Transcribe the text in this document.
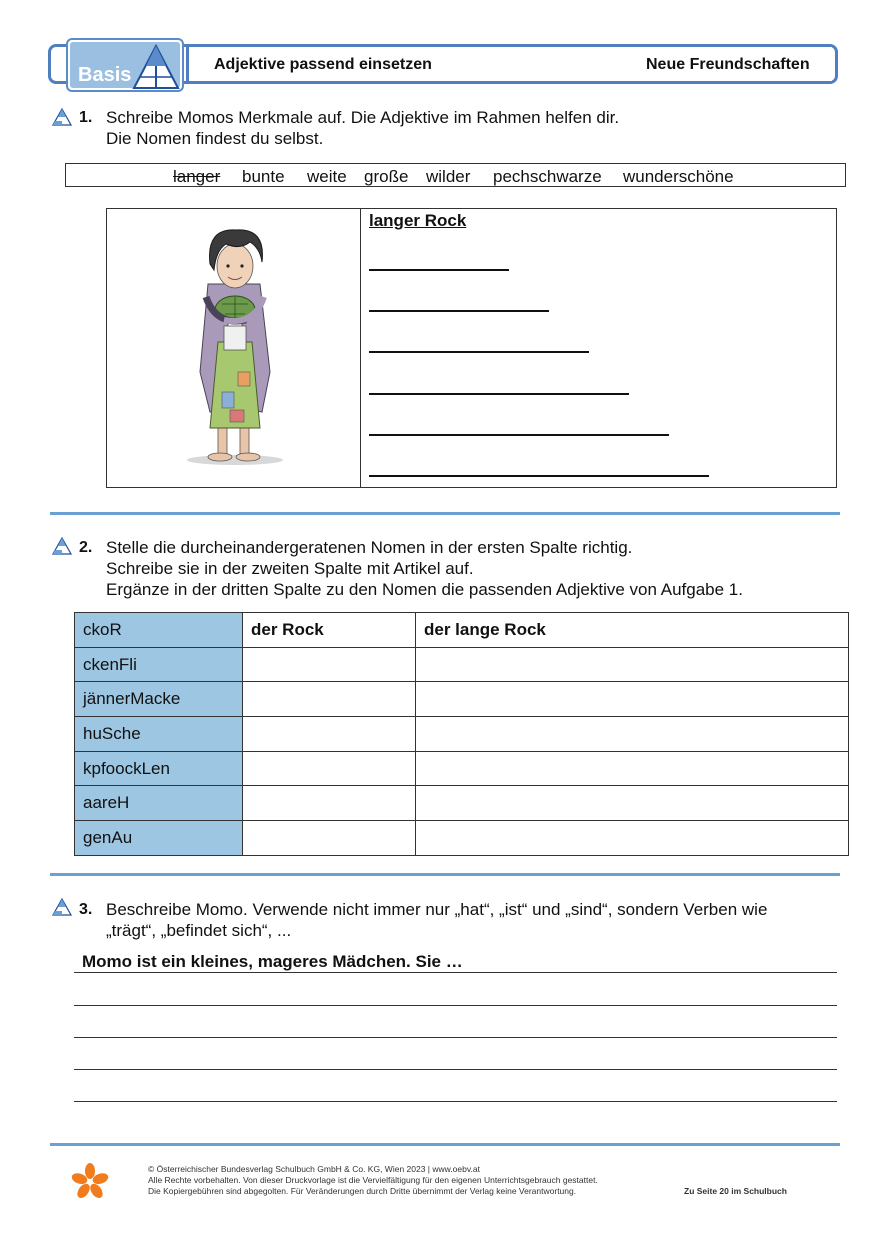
Basis	Adjektive passend einsetzen	Neue Freundschaften
1. Schreibe Momos Merkmale auf. Die Adjektive im Rahmen helfen dir.
Die Nomen findest du selbst.
langer bunte weite große wilder pechschwarze wunderschöne
langer Rock
2. Stelle die durcheinandergeratenen Nomen in der ersten Spalte richtig.
Schreibe sie in der zweiten Spalte mit Artikel auf.
Ergänze in der dritten Spalte zu den Nomen die passenden Adjektive von Aufgabe 1.
ckoR	der Rock	der lange Rock
ckenFli		
jännerMacke		
huSche		
kpfoockLen		
aareH		
genAu		
3. Beschreibe Momo. Verwende nicht immer nur „hat“, „ist“ und „sind“, sondern Verben wie
„trägt“, „befindet sich“, ...
Momo ist ein kleines, mageres Mädchen. Sie …
© Österreichischer Bundesverlag Schulbuch GmbH & Co. KG, Wien 2023 | www.oebv.at
Alle Rechte vorbehalten. Von dieser Druckvorlage ist die Vervielfältigung für den eigenen Unterrichtsgebrauch gestattet.
Die Kopiergebühren sind abgegolten. Für Veränderungen durch Dritte übernimmt der Verlag keine Verantwortung.	Zu Seite 20 im Schulbuch
